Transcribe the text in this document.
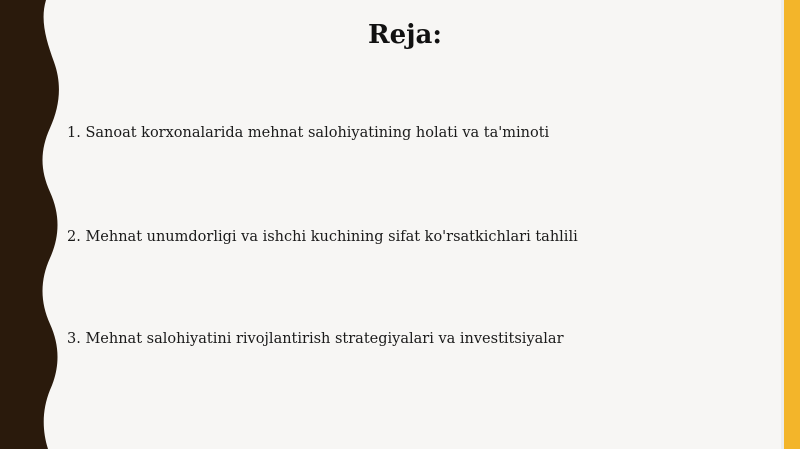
Reja:
1. Sanoat korxonalarida mehnat salohiyatining holati va ta'minoti
2. Mehnat unumdorligi va ishchi kuchining sifat ko'rsatkichlari tahlili
3. Mehnat salohiyatini rivojlantirish strategiyalari va investitsiyalar
